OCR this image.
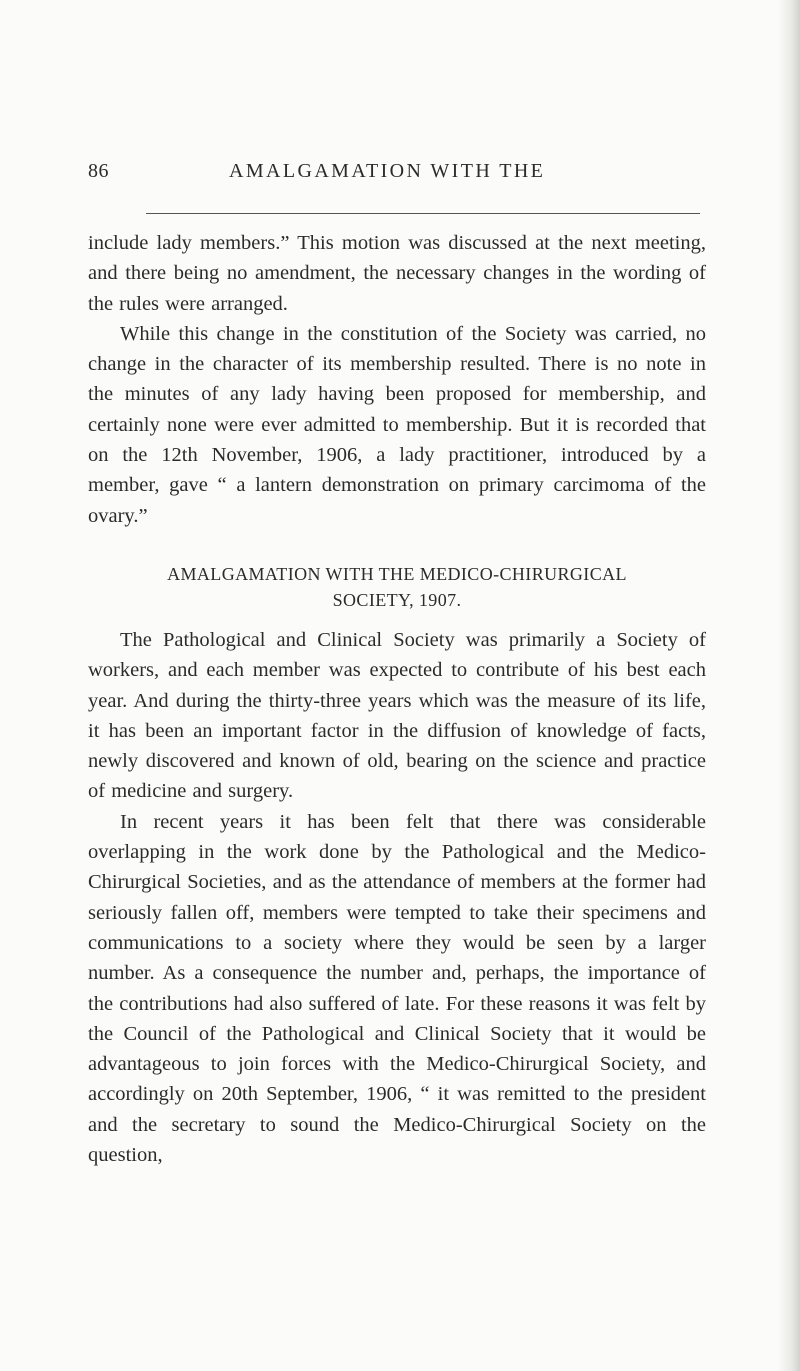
86	AMALGAMATION WITH THE

include lady members.” This motion was discussed at the next meeting, and there being no amendment, the necessary changes in the wording of the rules were arranged.

While this change in the constitution of the Society was carried, no change in the character of its membership resulted. There is no note in the minutes of any lady having been proposed for membership, and certainly none were ever admitted to membership. But it is recorded that on the 12th November, 1906, a lady practitioner, introduced by a member, gave “ a lantern demonstration on primary carcimoma of the ovary.”

AMALGAMATION WITH THE MEDICO-CHIRURGICAL
SOCIETY, 1907.

The Pathological and Clinical Society was primarily a Society of workers, and each member was expected to contribute of his best each year. And during the thirty-three years which was the measure of its life, it has been an important factor in the diffusion of knowledge of facts, newly discovered and known of old, bearing on the science and practice of medicine and surgery.

In recent years it has been felt that there was considerable overlapping in the work done by the Pathological and the Medico-Chirurgical Societies, and as the attendance of members at the former had seriously fallen off, members were tempted to take their specimens and communications to a society where they would be seen by a larger number. As a consequence the number and, perhaps, the importance of the contributions had also suffered of late. For these reasons it was felt by the Council of the Pathological and Clinical Society that it would be advantageous to join forces with the Medico-Chirurgical Society, and accordingly on 20th September, 1906, “ it was remitted to the president and the secretary to sound the Medico-Chirurgical Society on the question,
